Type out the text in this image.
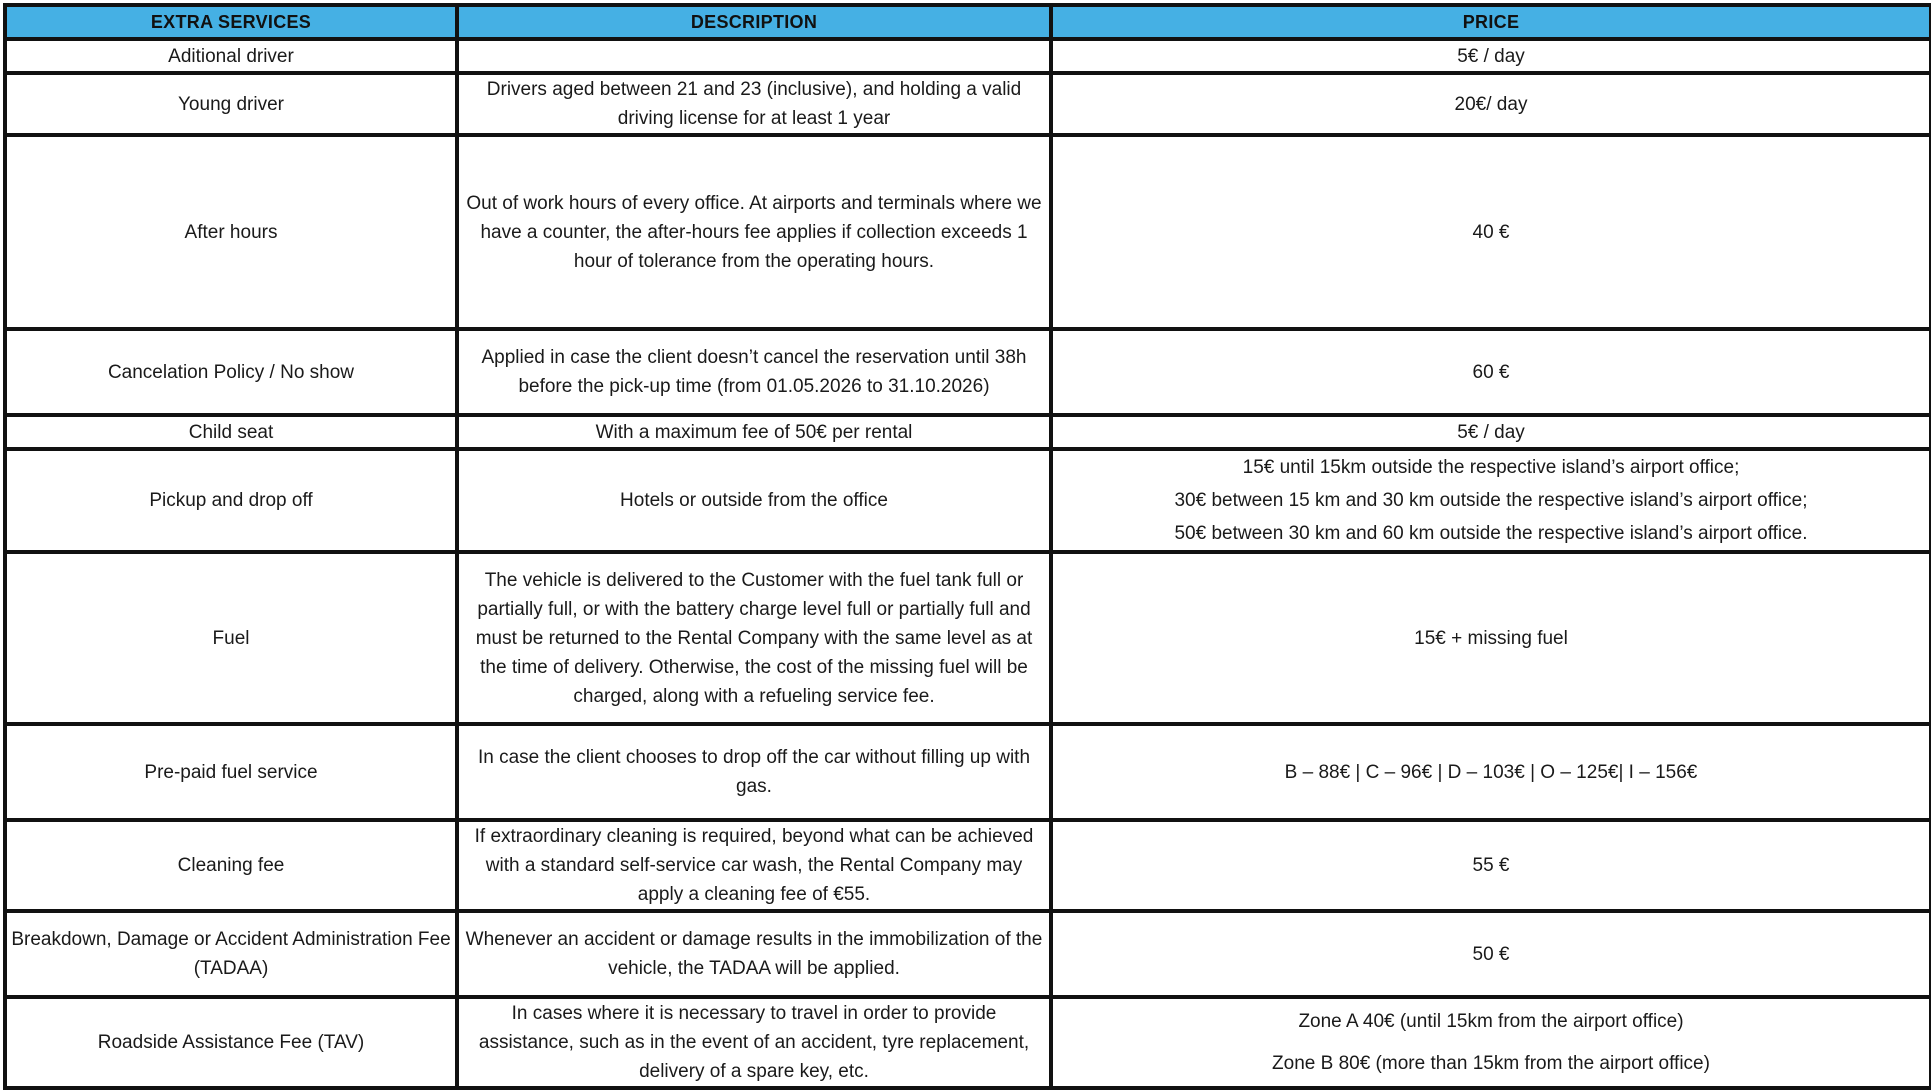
EXTRA SERVICES	DESCRIPTION	PRICE
Aditional driver		5€ / day
Young driver	Drivers aged between 21 and 23 (inclusive), and holding a valid driving license for at least 1 year	20€/ day
After hours	Out of work hours of every office. At airports and terminals where we have a counter, the after-hours fee applies if collection exceeds 1 hour of tolerance from the operating hours.	40 €
Cancelation Policy / No show	Applied in case the client doesn’t cancel the reservation until 38h before the pick-up time (from 01.05.2026 to 31.10.2026)	60 €
Child seat	With a maximum fee of 50€ per rental	5€ / day
Pickup and drop off	Hotels or outside from the office	15€ until 15km outside the respective island’s airport office;
30€ between 15 km and 30 km outside the respective island’s airport office;
50€ between 30 km and 60 km outside the respective island’s airport office.

Fuel	The vehicle is delivered to the Customer with the fuel tank full or partially full, or with the battery charge level full or partially full and must be returned to the Rental Company with the same level as at the time of delivery. Otherwise, the cost of the missing fuel will be charged, along with a refueling service fee.	15€ + missing fuel
Pre-paid fuel service	In case the client chooses to drop off the car without filling up with gas.	B – 88€ | C – 96€ | D – 103€ | O – 125€| I – 156€
Cleaning fee	If extraordinary cleaning is required, beyond what can be achieved with a standard self-service car wash, the Rental Company may apply a cleaning fee of €55.	55 €
Breakdown, Damage or Accident Administration Fee (TADAA)	Whenever an accident or damage results in the immobilization of the vehicle, the TADAA will be applied.	50 €
Roadside Assistance Fee (TAV)	In cases where it is necessary to travel in order to provide assistance, such as in the event of an accident, tyre replacement, delivery of a spare key, etc.	Zone A 40€ (until 15km from the airport office)
Zone B 80€ (more than 15km from the airport office)
